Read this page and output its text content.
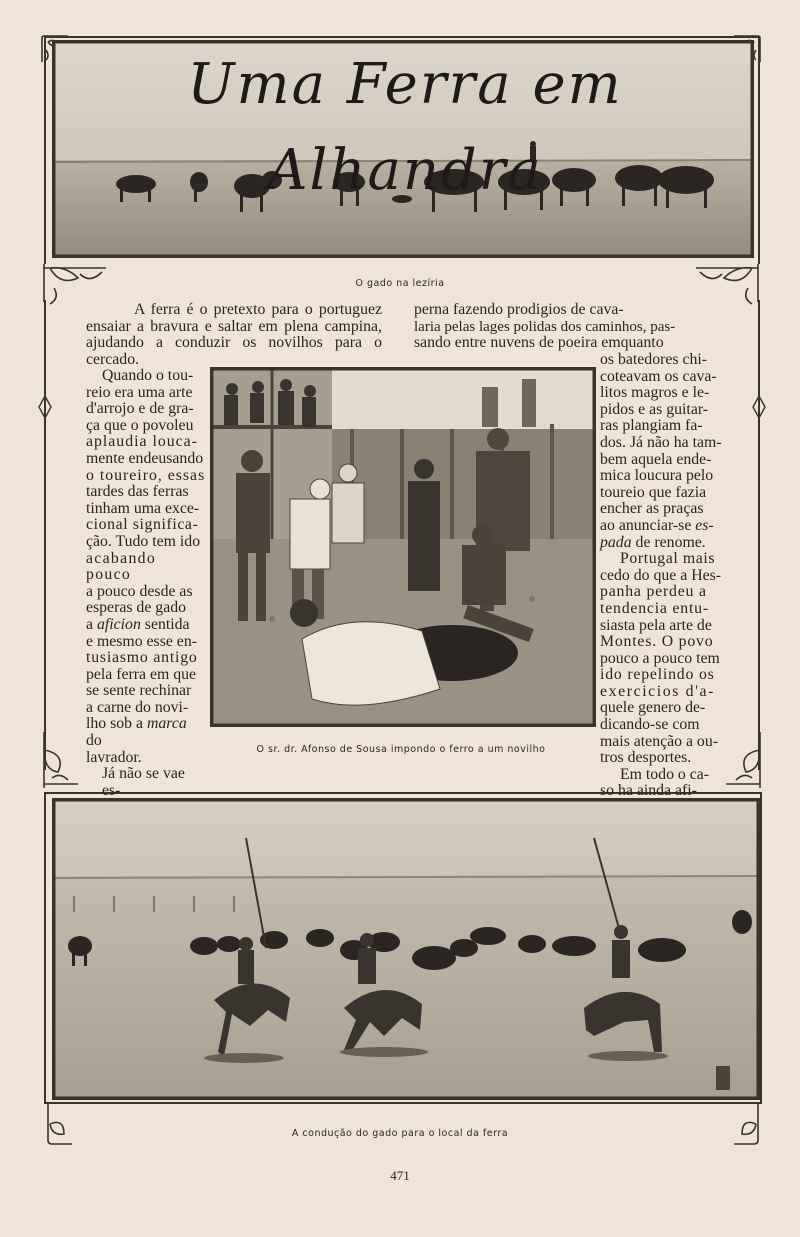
Uma Ferra em Alhandra
O gado na lezíria

A ferra é o pretexto para o portuguez ensaiar a bravura e saltar em plena campina, ajudando a conduzir os novilhos para o cercado.

perna fazendo prodigios de cava-

laria pelas lages polidas dos caminhos, pas-

sando entre nuvens de poeira emquanto

Quando o tou-

reio era uma arte

d'arrojo e de gra-

ça que o povoleu

aplaudia louca-

mente endeusando

o toureiro, essas

tardes das ferras

tinham uma exce-

cional significa-

ção. Tudo tem ido

acabando pouco

a pouco desde as

esperas de gado

a aficion sentida

e mesmo esse en-

tusiasmo antigo

pela ferra em que

se sente rechinar

a carne do novi-

lho sob a marca do

lavrador.

Já não se vae es-

os batedores chi-

coteavam os cava-

litos magros e le-

pidos e as guitar-

ras plangiam fa-

dos. Já não ha tam-

bem aquela ende-

mica loucura pelo

toureio que fazia

encher as praças

ao anunciar-se es-

pada de renome.

Portugal mais

cedo do que a Hes-

panha perdeu a

tendencia entu-

siasta pela arte de

Montes. O povo

pouco a pouco tem

ido repelindo os

exercicios d'a-

quele genero de-

dicando-se com

mais atenção a ou-

tros desportes.

Em todo o ca-

so ha ainda afi-

O sr. dr. Afonso de Sousa impondo o ferro a um novilho
A condução do gado para o local da ferra
471
